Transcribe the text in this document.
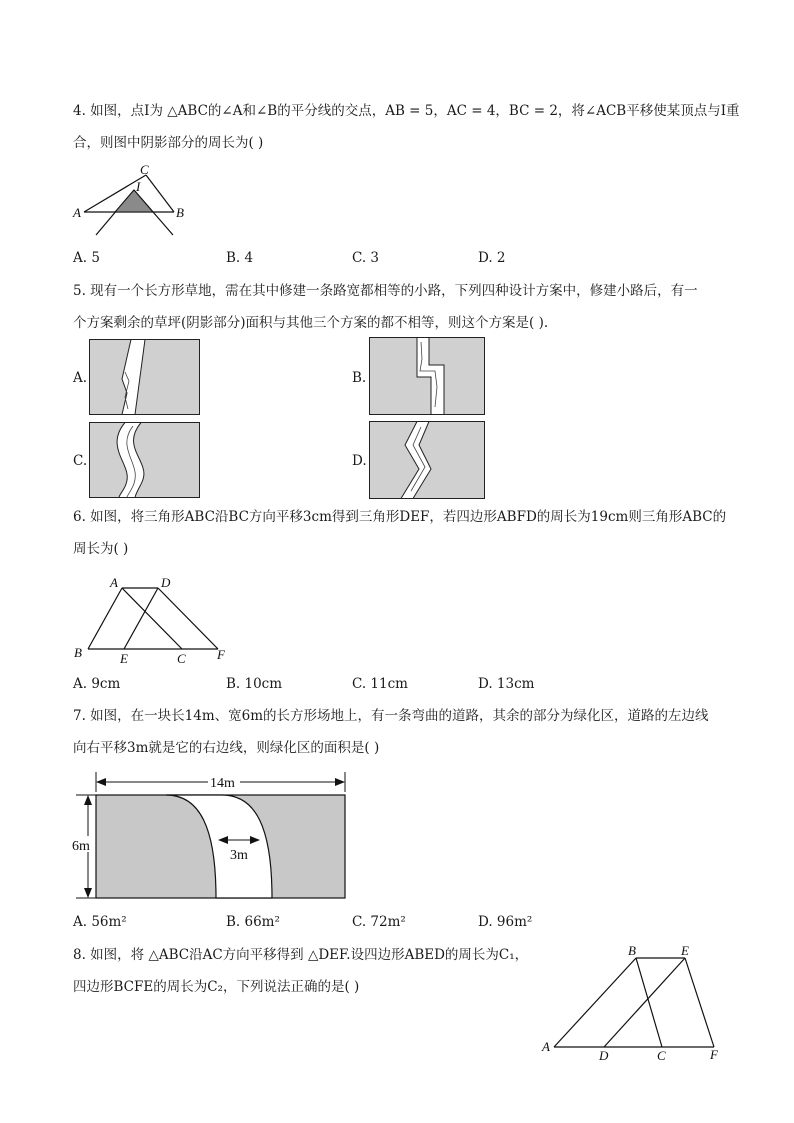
4. 如图，点I为 △ABC的∠A和∠B的平分线的交点，AB = 5，AC = 4，BC = 2，将∠ACB平移使某顶点与I重
合，则图中阴影部分的周长为( )
A	B
C
I
A. 5	B. 4	C. 3	D. 2
5. 现有一个长方形草地，需在其中修建一条路宽都相等的小路，下列四种设计方案中，修建小路后，有一
个方案剩余的草坪(阴影部分)面积与其他三个方案的都不相等，则这个方案是( ).
A.	B.
C.	D.
6. 如图，将三角形ABC沿BC方向平移3cm得到三角形DEF，若四边形ABFD的周长为19cm则三角形ABC的
周长为( )
A	D
B	E	C F
A. 9cm	B. 10cm	C. 11cm	D. 13cm
7. 如图，在一块长14m、宽6m的长方形场地上，有一条弯曲的道路，其余的部分为绿化区，道路的左边线
向右平移3m就是它的右边线，则绿化区的面积是( )
14m
6m
3m
A. 56m²	B. 66m²	C. 72m²	D. 96m²
8. 如图，将 △ABC沿AC方向平移得到 △DEF.设四边形ABED的周长为C₁，
四边形BCFE的周长为C₂，下列说法正确的是( )
B	E
A
D	C	F
